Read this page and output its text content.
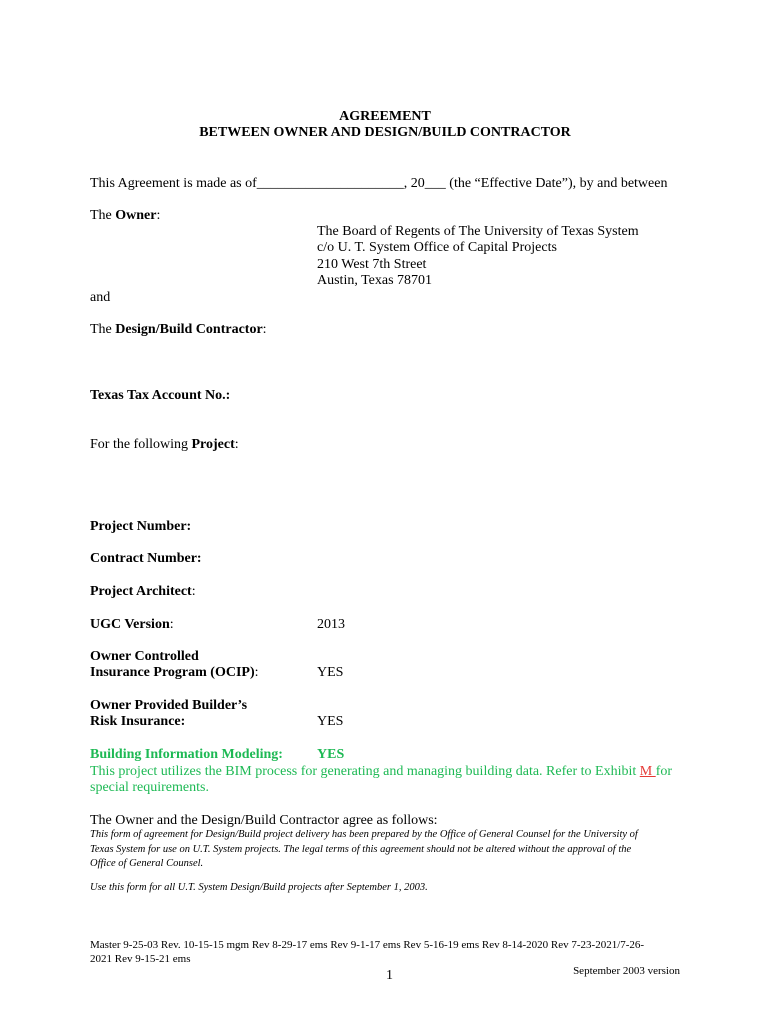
AGREEMENT
BETWEEN OWNER AND DESIGN/BUILD CONTRACTOR
This Agreement is made as of_____________________, 20___ (the “Effective Date”), by and between
The Owner:
The Board of Regents of The University of Texas System
c/o U. T. System Office of Capital Projects
210 West 7th Street
Austin, Texas 78701
and
The Design/Build Contractor:
Texas Tax Account No.:
For the following Project:
Project Number:
Contract Number:
Project Architect:
UGC Version:	2013
Owner Controlled
Insurance Program (OCIP):	YES
Owner Provided Builder’s
Risk Insurance:	YES
Building Information Modeling: YES
This project utilizes the BIM process for generating and managing building data. Refer to Exhibit M for
special requirements.
The Owner and the Design/Build Contractor agree as follows:
This form of agreement for Design/Build project delivery has been prepared by the Office of General Counsel for the University of
Texas System for use on U.T. System projects. The legal terms of this agreement should not be altered without the approval of the
Office of General Counsel.
Use this form for all U.T. System Design/Build projects after September 1, 2003.
Master 9-25-03 Rev. 10-15-15 mgm Rev 8-29-17 ems Rev 9-1-17 ems Rev 5-16-19 ems Rev 8-14-2020 Rev 7-23-2021/7-26-
2021 Rev 9-15-21 ems
1	September 2003 version
